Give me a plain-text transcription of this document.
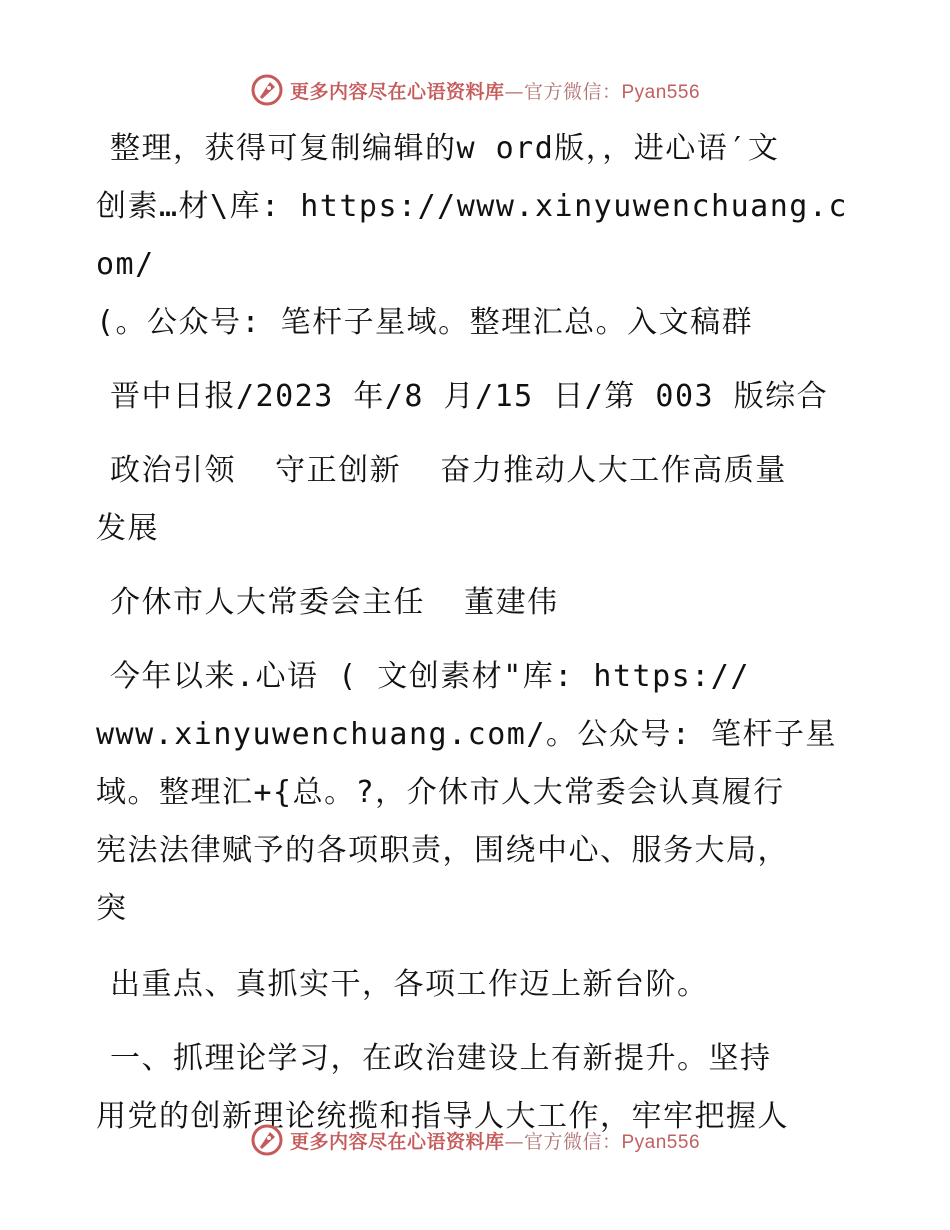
更多内容尽在心语资料库—官方微信：Pyan556

整理，获得可复制编辑的w ord版，，进心语′文

创素…材\库: https://www.xinyuwenchuang.com/

(。公众号: 笔杆子星域。整理汇总。入文稿群

晋中日报/2023 年/8 月/15 日/第 003 版综合

政治引领  守正创新  奋力推动人大工作高质量

发展

介休市人大常委会主任  董建伟

今年以来.心语 ( 文创素材"库: https://

www.xinyuwenchuang.com/。公众号: 笔杆子星

域。整理汇+{总。?，介休市人大常委会认真履行

宪法法律赋予的各项职责，围绕中心、服务大局，

突

出重点、真抓实干，各项工作迈上新台阶。

一、抓理论学习，在政治建设上有新提升。坚持

用党的创新理论统揽和指导人大工作，牢牢把握人

更多内容尽在心语资料库—官方微信：Pyan556
